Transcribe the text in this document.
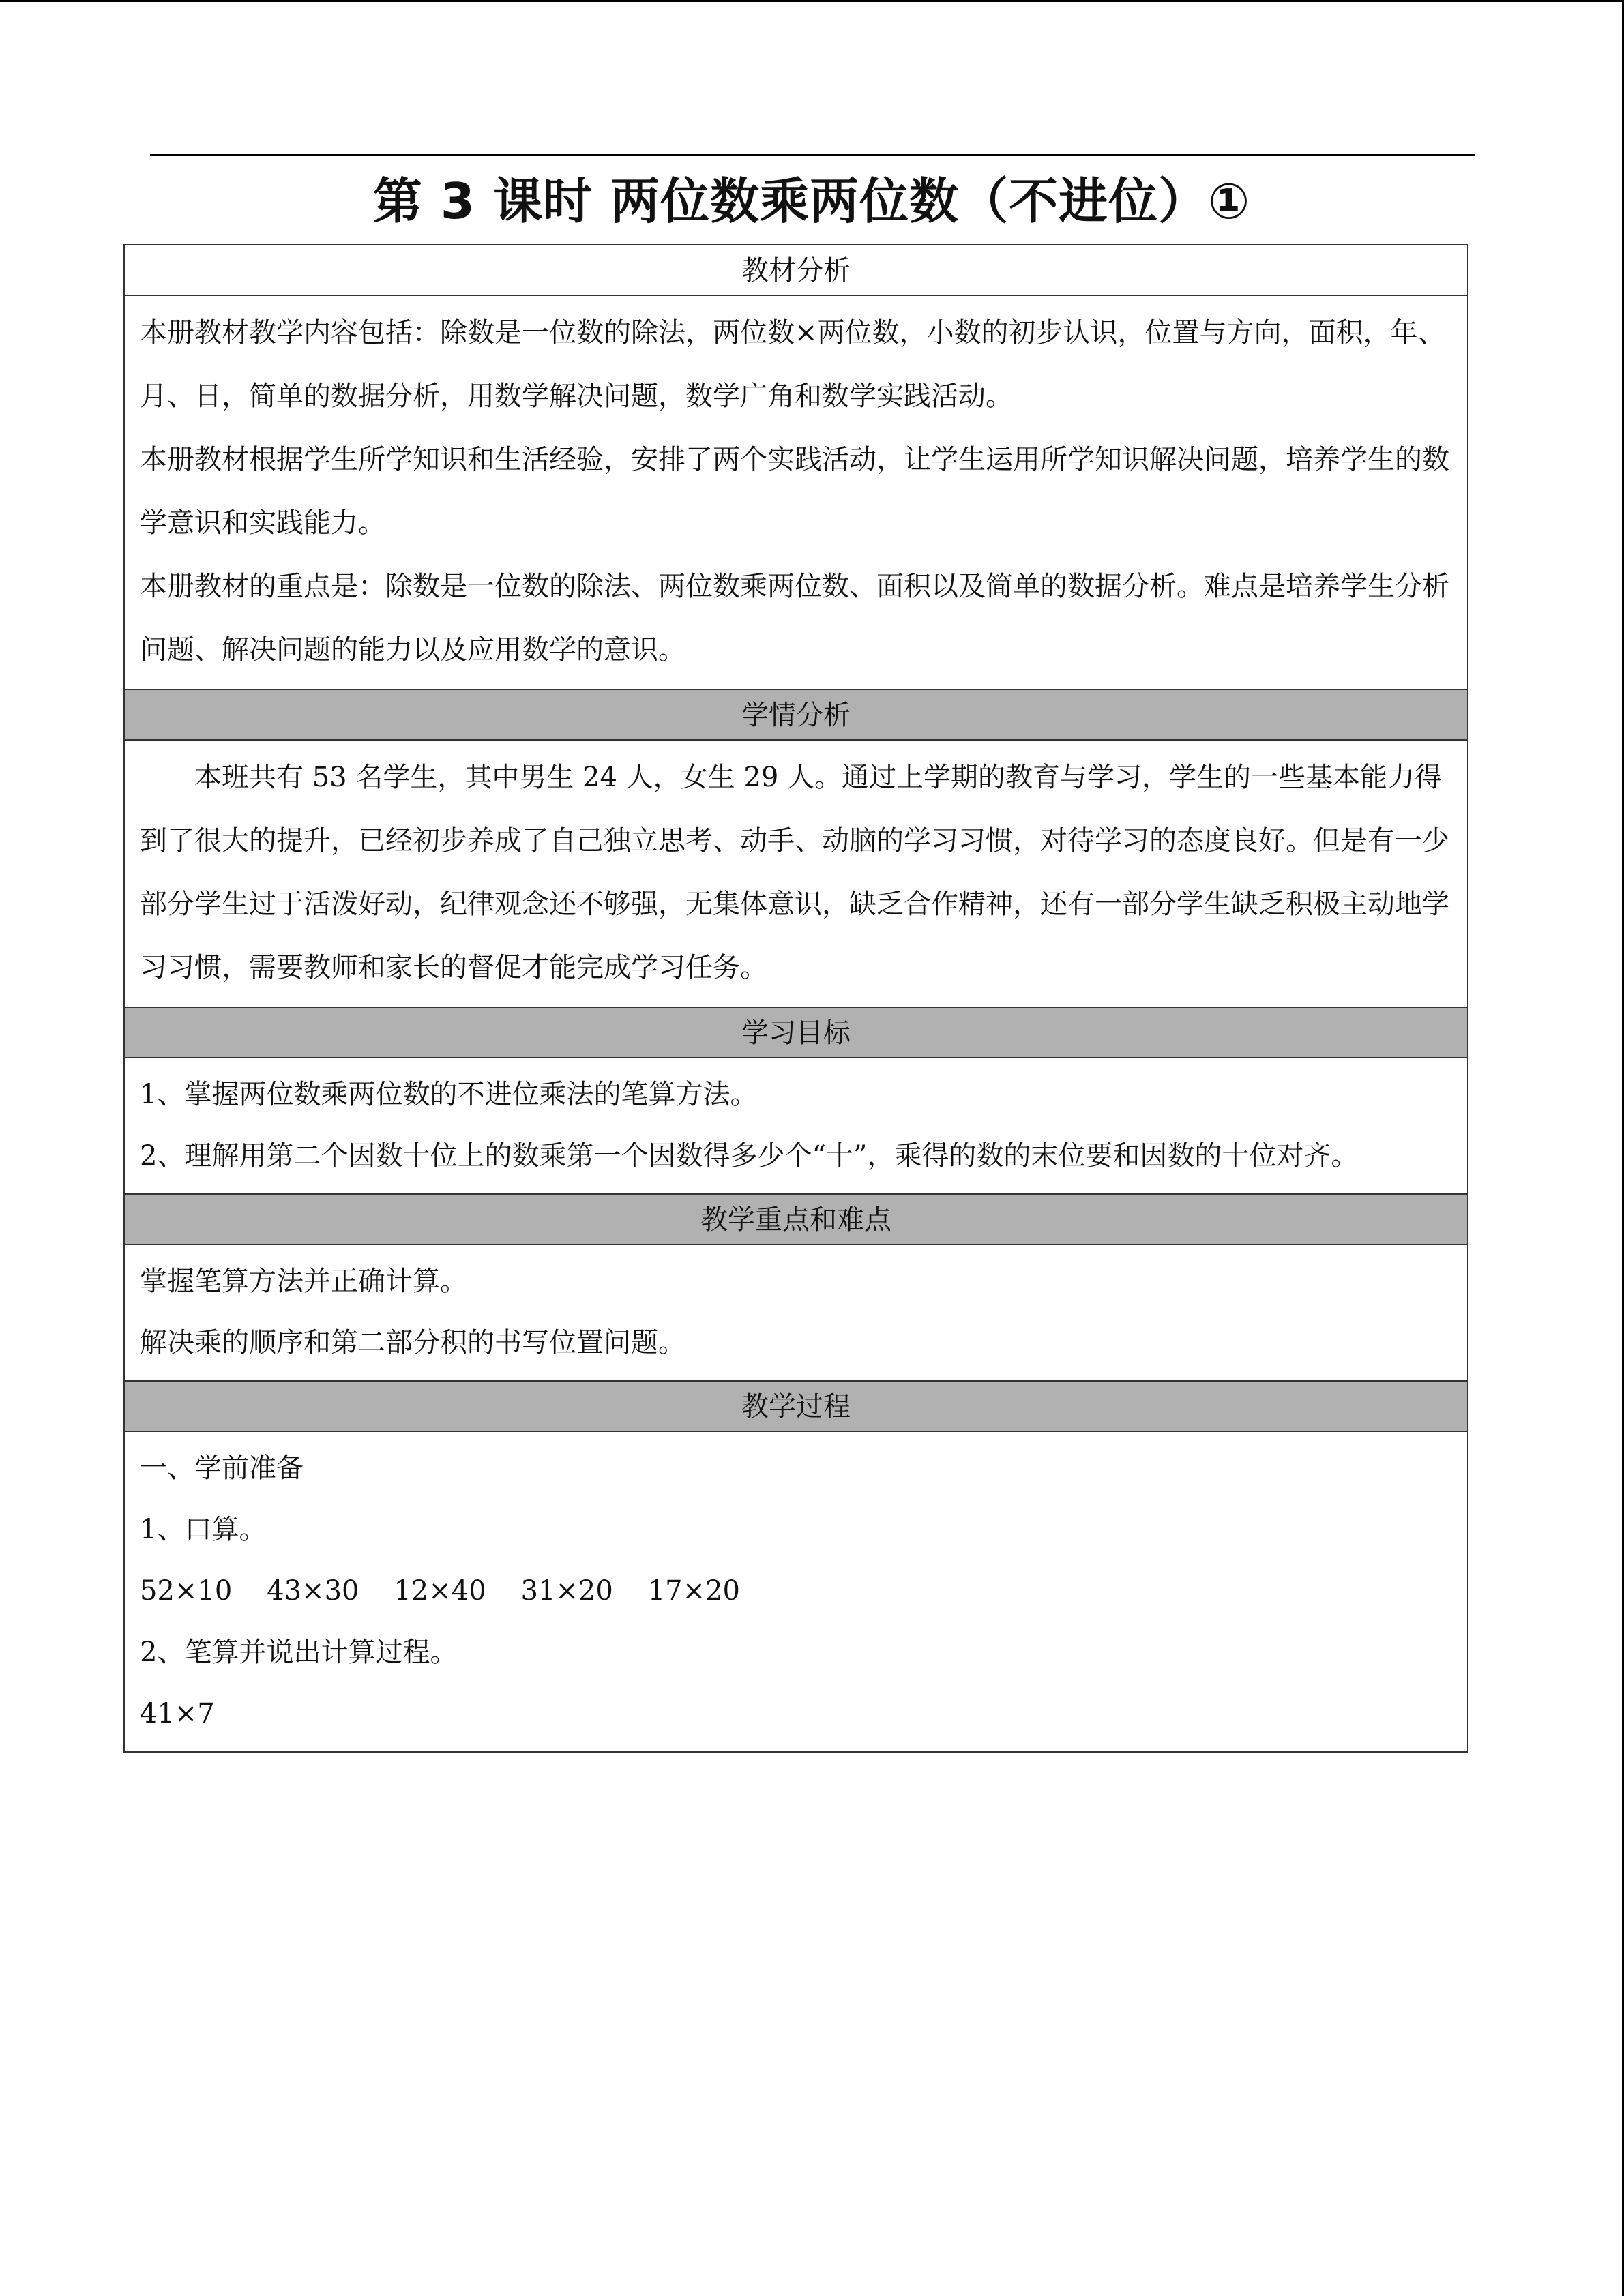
第 3 课时 两位数乘两位数（不进位）①
教材分析

本册教材教学内容包括：除数是一位数的除法，两位数×两位数，小数的初步认识，位置与方向，面积，年、月、日，简单的数据分析，用数学解决问题，数学广角和数学实践活动。

本册教材根据学生所学知识和生活经验，安排了两个实践活动，让学生运用所学知识解决问题，培养学生的数学意识和实践能力。

本册教材的重点是：除数是一位数的除法、两位数乘两位数、面积以及简单的数据分析。难点是培养学生分析问题、解决问题的能力以及应用数学的意识。

学情分析

本班共有 53 名学生，其中男生 24 人，女生 29 人。通过上学期的教育与学习，学生的一些基本能力得到了很大的提升，已经初步养成了自己独立思考、动手、动脑的学习习惯，对待学习的态度良好。但是有一少部分学生过于活泼好动，纪律观念还不够强，无集体意识，缺乏合作精神，还有一部分学生缺乏积极主动地学习习惯，需要教师和家长的督促才能完成学习任务。

学习目标

1、掌握两位数乘两位数的不进位乘法的笔算方法。

2、理解用第二个因数十位上的数乘第一个因数得多少个“十”，乘得的数的末位要和因数的十位对齐。

教学重点和难点

掌握笔算方法并正确计算。

解决乘的顺序和第二部分积的书写位置问题。

教学过程

一、学前准备

1、口算。

52×10    43×30    12×40    31×20    17×20

2、笔算并说出计算过程。

41×7
